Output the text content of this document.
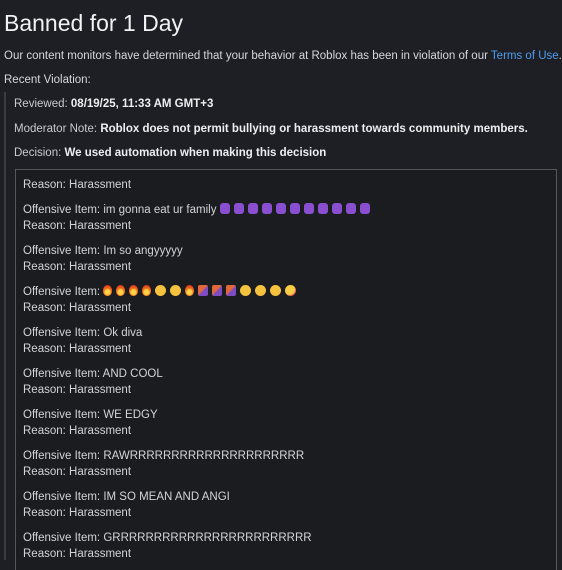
Banned for 1 Day
Our content monitors have determined that your behavior at Roblox has been in violation of our Terms of Use.
Recent Violation:
Reviewed: 08/19/25, 11:33 AM GMT+3
Moderator Note: Roblox does not permit bullying or harassment towards community members.
Decision: We used automation when making this decision
Reason: Harassment
Offensive Item: im gonna eat ur family
Reason: Harassment
Offensive Item: Im so angyyyyy
Reason: Harassment
Offensive Item:
Reason: Harassment
Offensive Item: Ok diva
Reason: Harassment
Offensive Item: AND COOL
Reason: Harassment
Offensive Item: WE EDGY
Reason: Harassment
Offensive Item: RAWRRRRRRRRRRRRRRRRRRRRR
Reason: Harassment
Offensive Item: IM SO MEAN AND ANGI
Reason: Harassment
Offensive Item: GRRRRRRRRRRRRRRRRRRRRRRRR
Reason: Harassment
